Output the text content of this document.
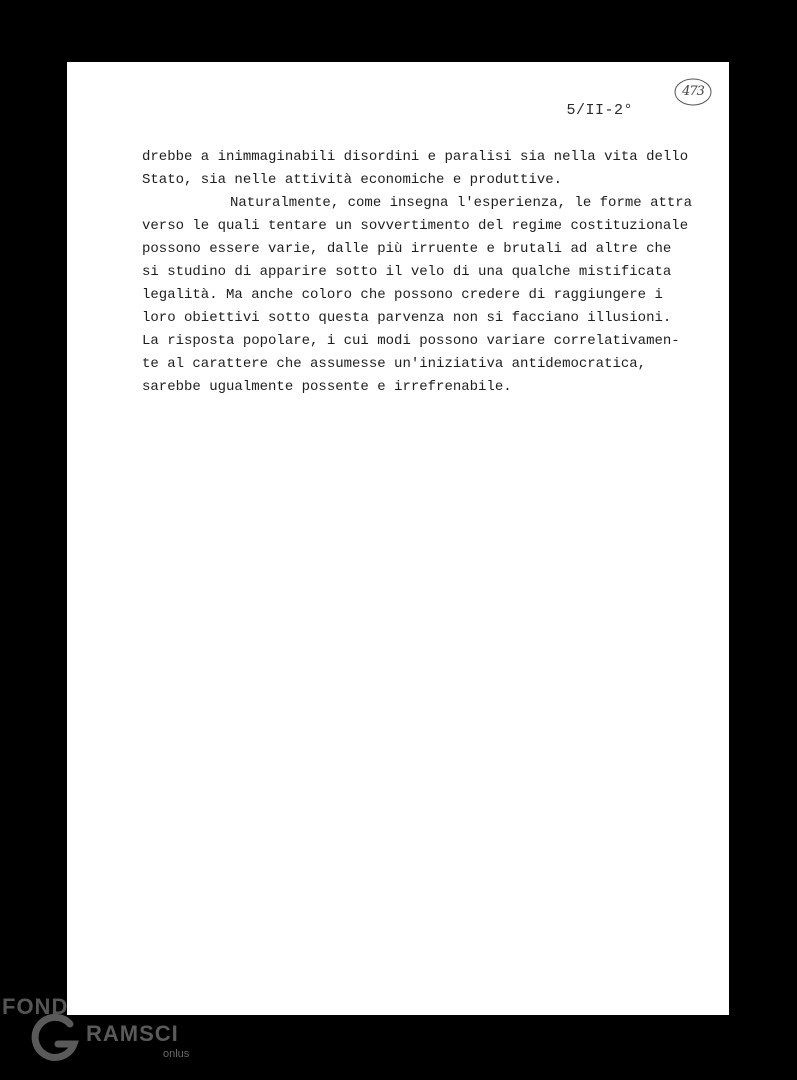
5/II-2°
473
drebbe a inimmaginabili disordini e paralisi sia nella vita dello
Stato, sia nelle attività economiche e produttive.
Naturalmente, come insegna l'esperienza, le forme attra
verso le quali tentare un sovvertimento del regime costituzionale
possono essere varie, dalle più irruente e brutali ad altre che
si studino di apparire sotto il velo di una qualche mistificata
legalità. Ma anche coloro che possono credere di raggiungere i
loro obiettivi sotto questa parvenza non si facciano illusioni.
La risposta popolare, i cui modi possono variare correlativamen-
te al carattere che assumesse un'iniziativa antidemocratica,
sarebbe ugualmente possente e irrefrenabile.
FOND
RAMSCI
onlus
